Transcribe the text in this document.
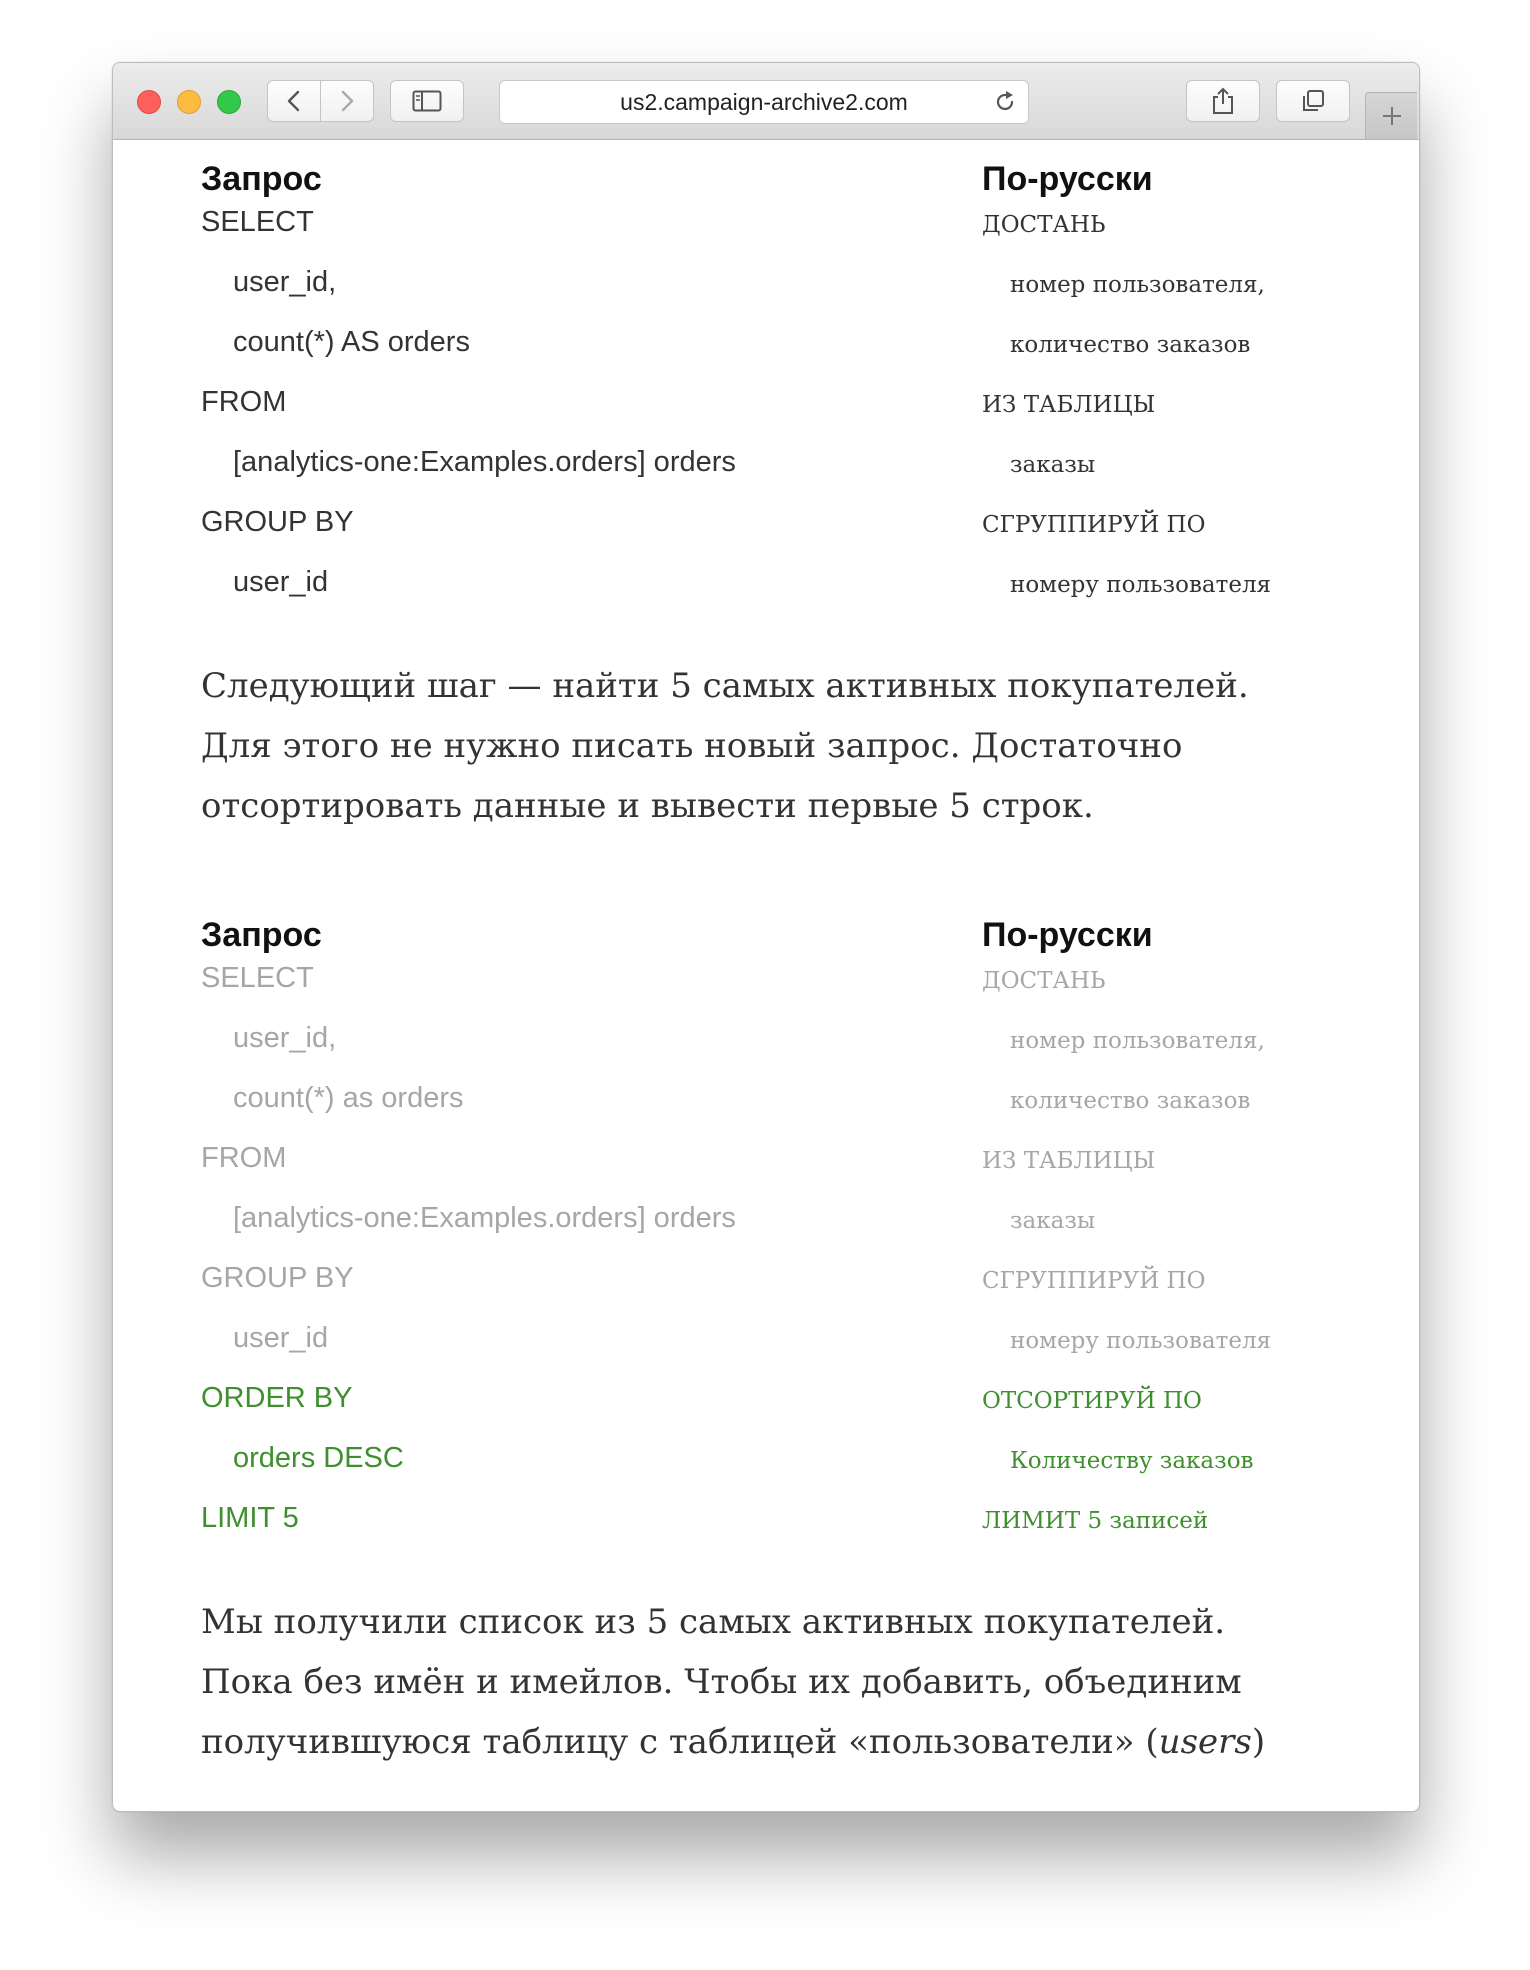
us2.campaign-archive2.com
Запрос	По-русски
SELECT
user_id,
count(*) AS orders
FROM
[analytics-one:Examples.orders] orders
GROUP BY
user_id
ДОСТАНЬ
номер пользователя,
количество заказов
ИЗ ТАБЛИЦЫ
заказы
СГРУППИРУЙ ПО
номеру пользователя

Следующий шаг — найти 5 самых активных покупателей.

Для этого не нужно писать новый запрос. Достаточно

отсортировать данные и вывести первые 5 строк.

Запрос	По-русски
SELECT
user_id,
count(*) as orders
FROM
[analytics-one:Examples.orders] orders
GROUP BY
user_id
ORDER BY
orders DESC
LIMIT 5
ДОСТАНЬ
номер пользователя,
количество заказов
ИЗ ТАБЛИЦЫ
заказы
СГРУППИРУЙ ПО
номеру пользователя
ОТСОРТИРУЙ ПО
Количеству заказов
ЛИМИТ 5 записей

Мы получили список из 5 самых активных покупателей.

Пока без имён и имейлов. Чтобы их добавить, объединим

получившуюся таблицу с таблицей «пользователи» (users)
